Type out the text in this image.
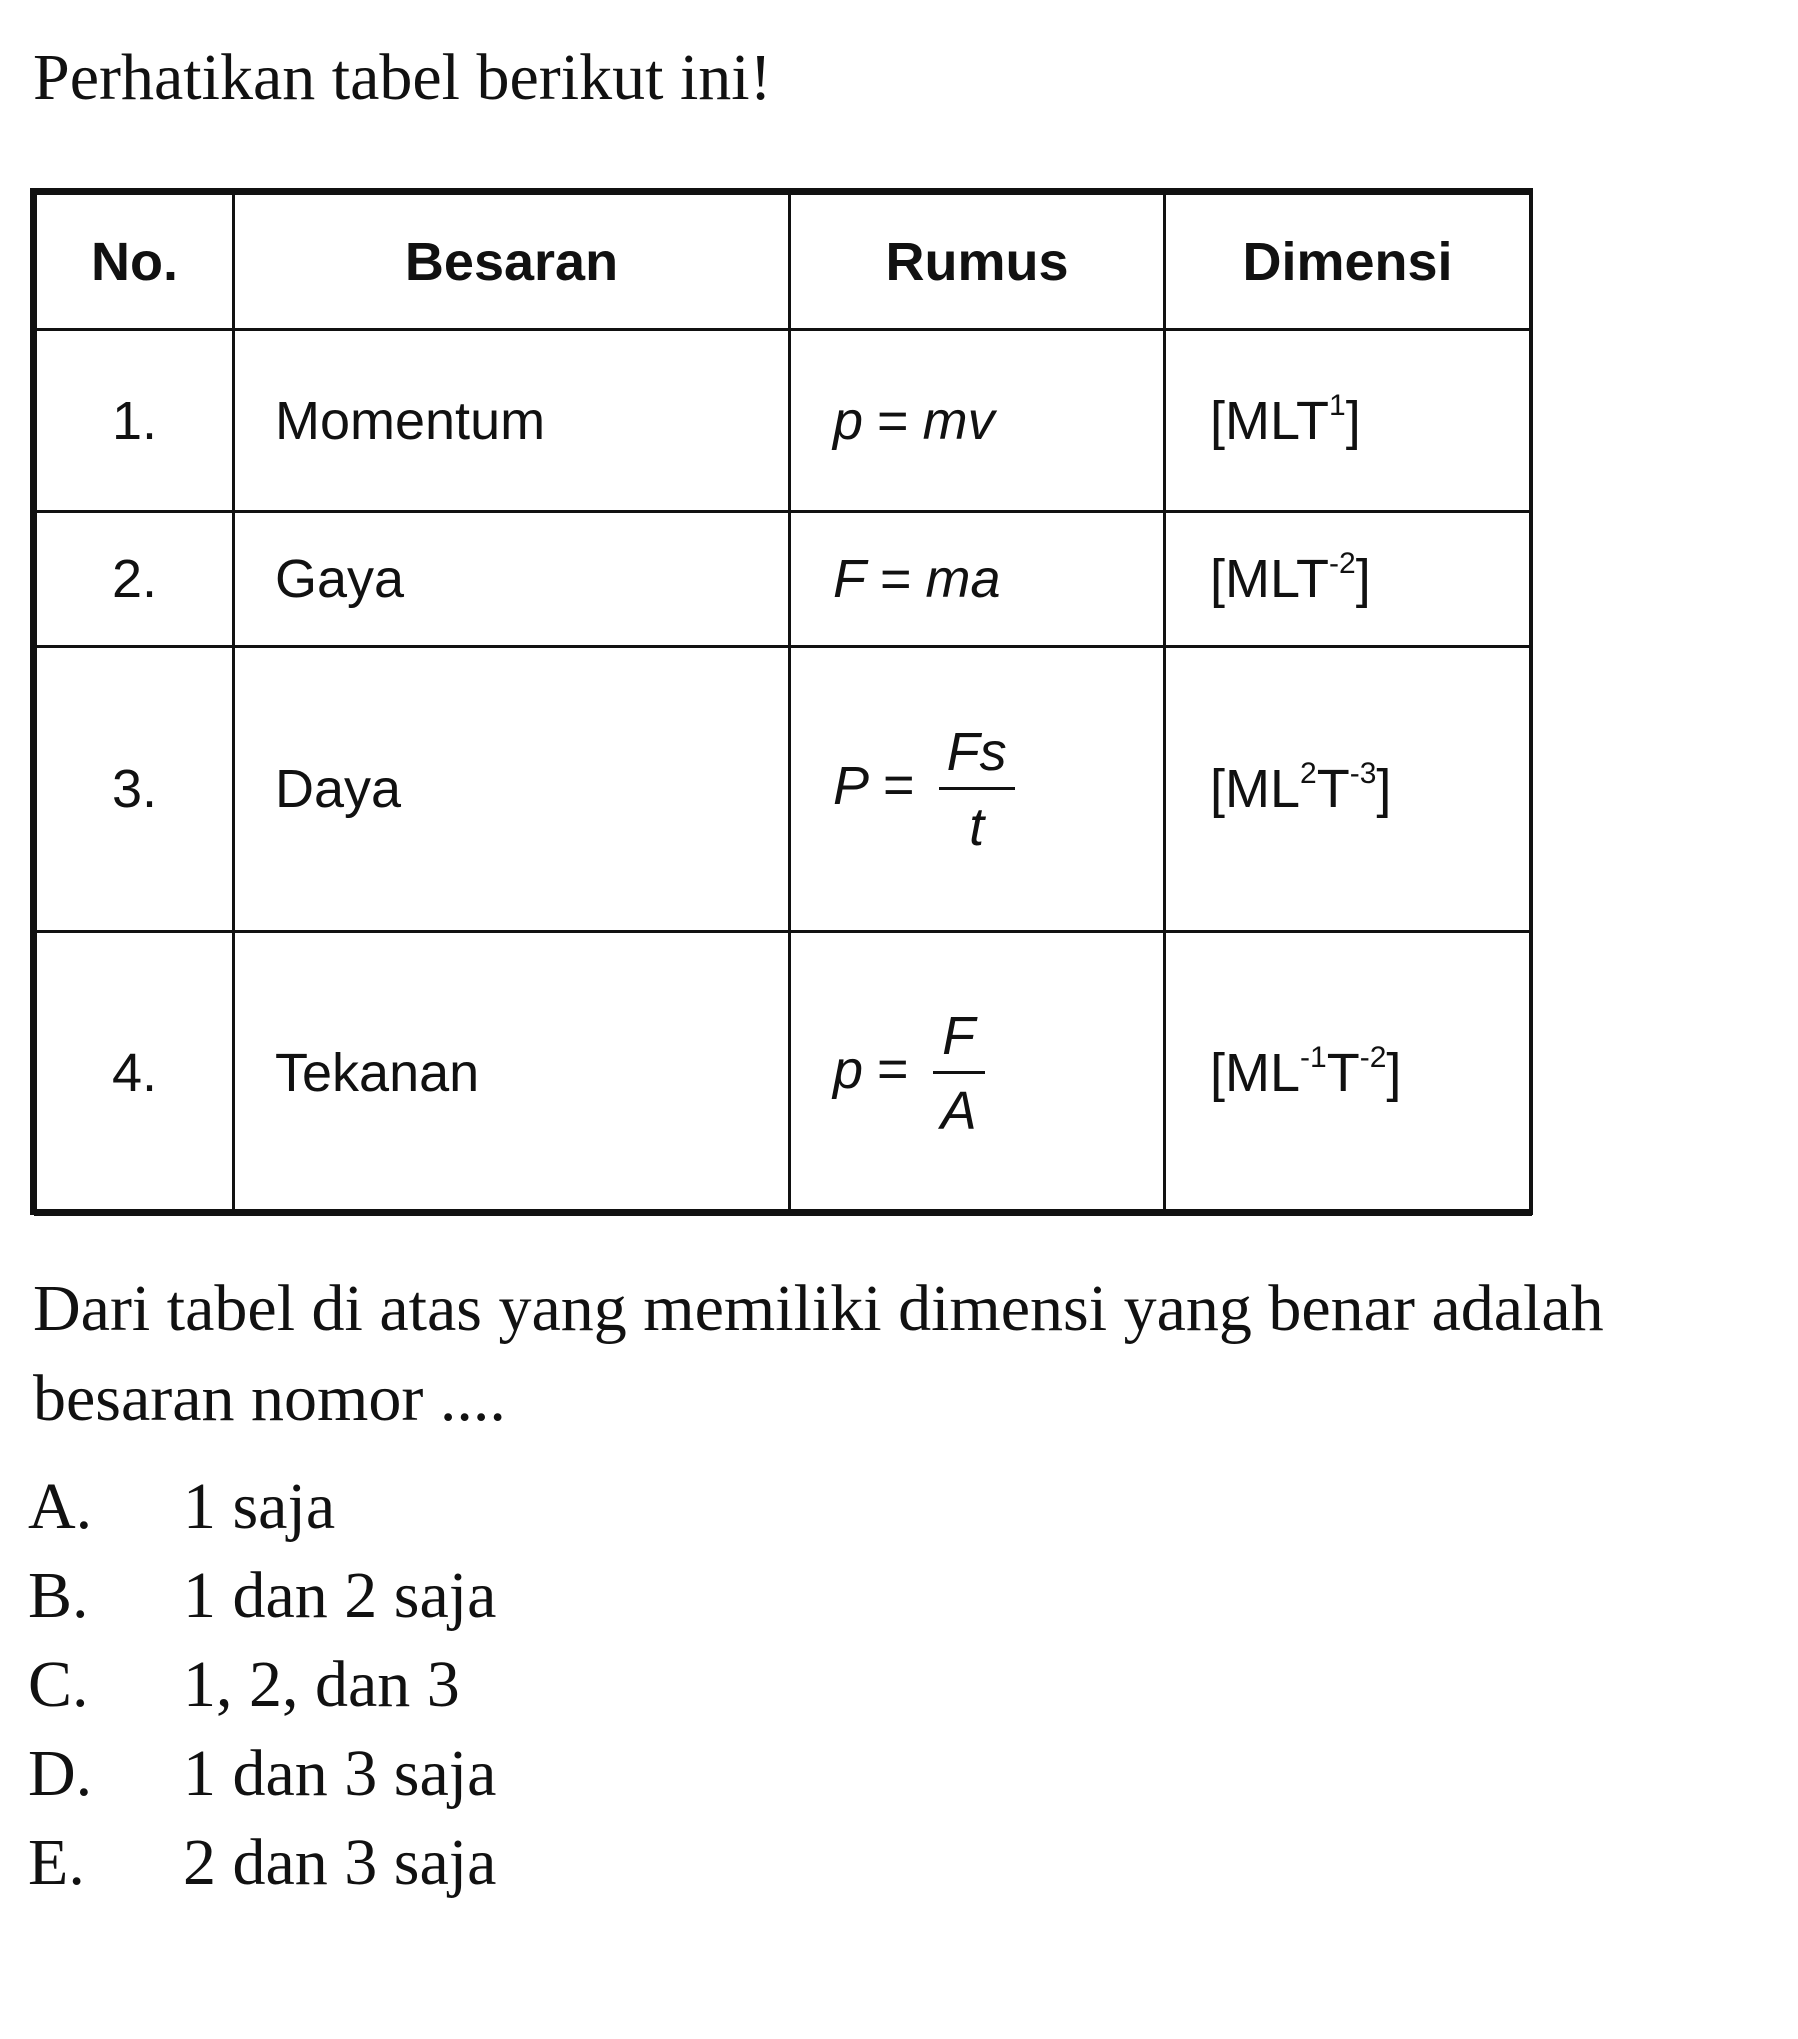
Perhatikan tabel berikut ini!
No.	Besaran	Rumus	Dimensi
1.	Momentum	p = mv	[MLT$^1$]
2.	Gaya	F = ma	$[MLT^{-2}]$
3.	Daya	$P = \frac{Fs}{t}$	$[ML^2T^{-3}]$
4.	Tekanan	$p = \frac{F}{A}$	$[ML^{-1}T^{-2}]$
Dari tabel di atas yang memiliki dimensi yang benar adalah besaran nomor ....
A. 1 saja
B. 1 dan 2 saja
C. 1, 2, dan 3
D. 1 dan 3 saja
E. 2 dan 3 saja
